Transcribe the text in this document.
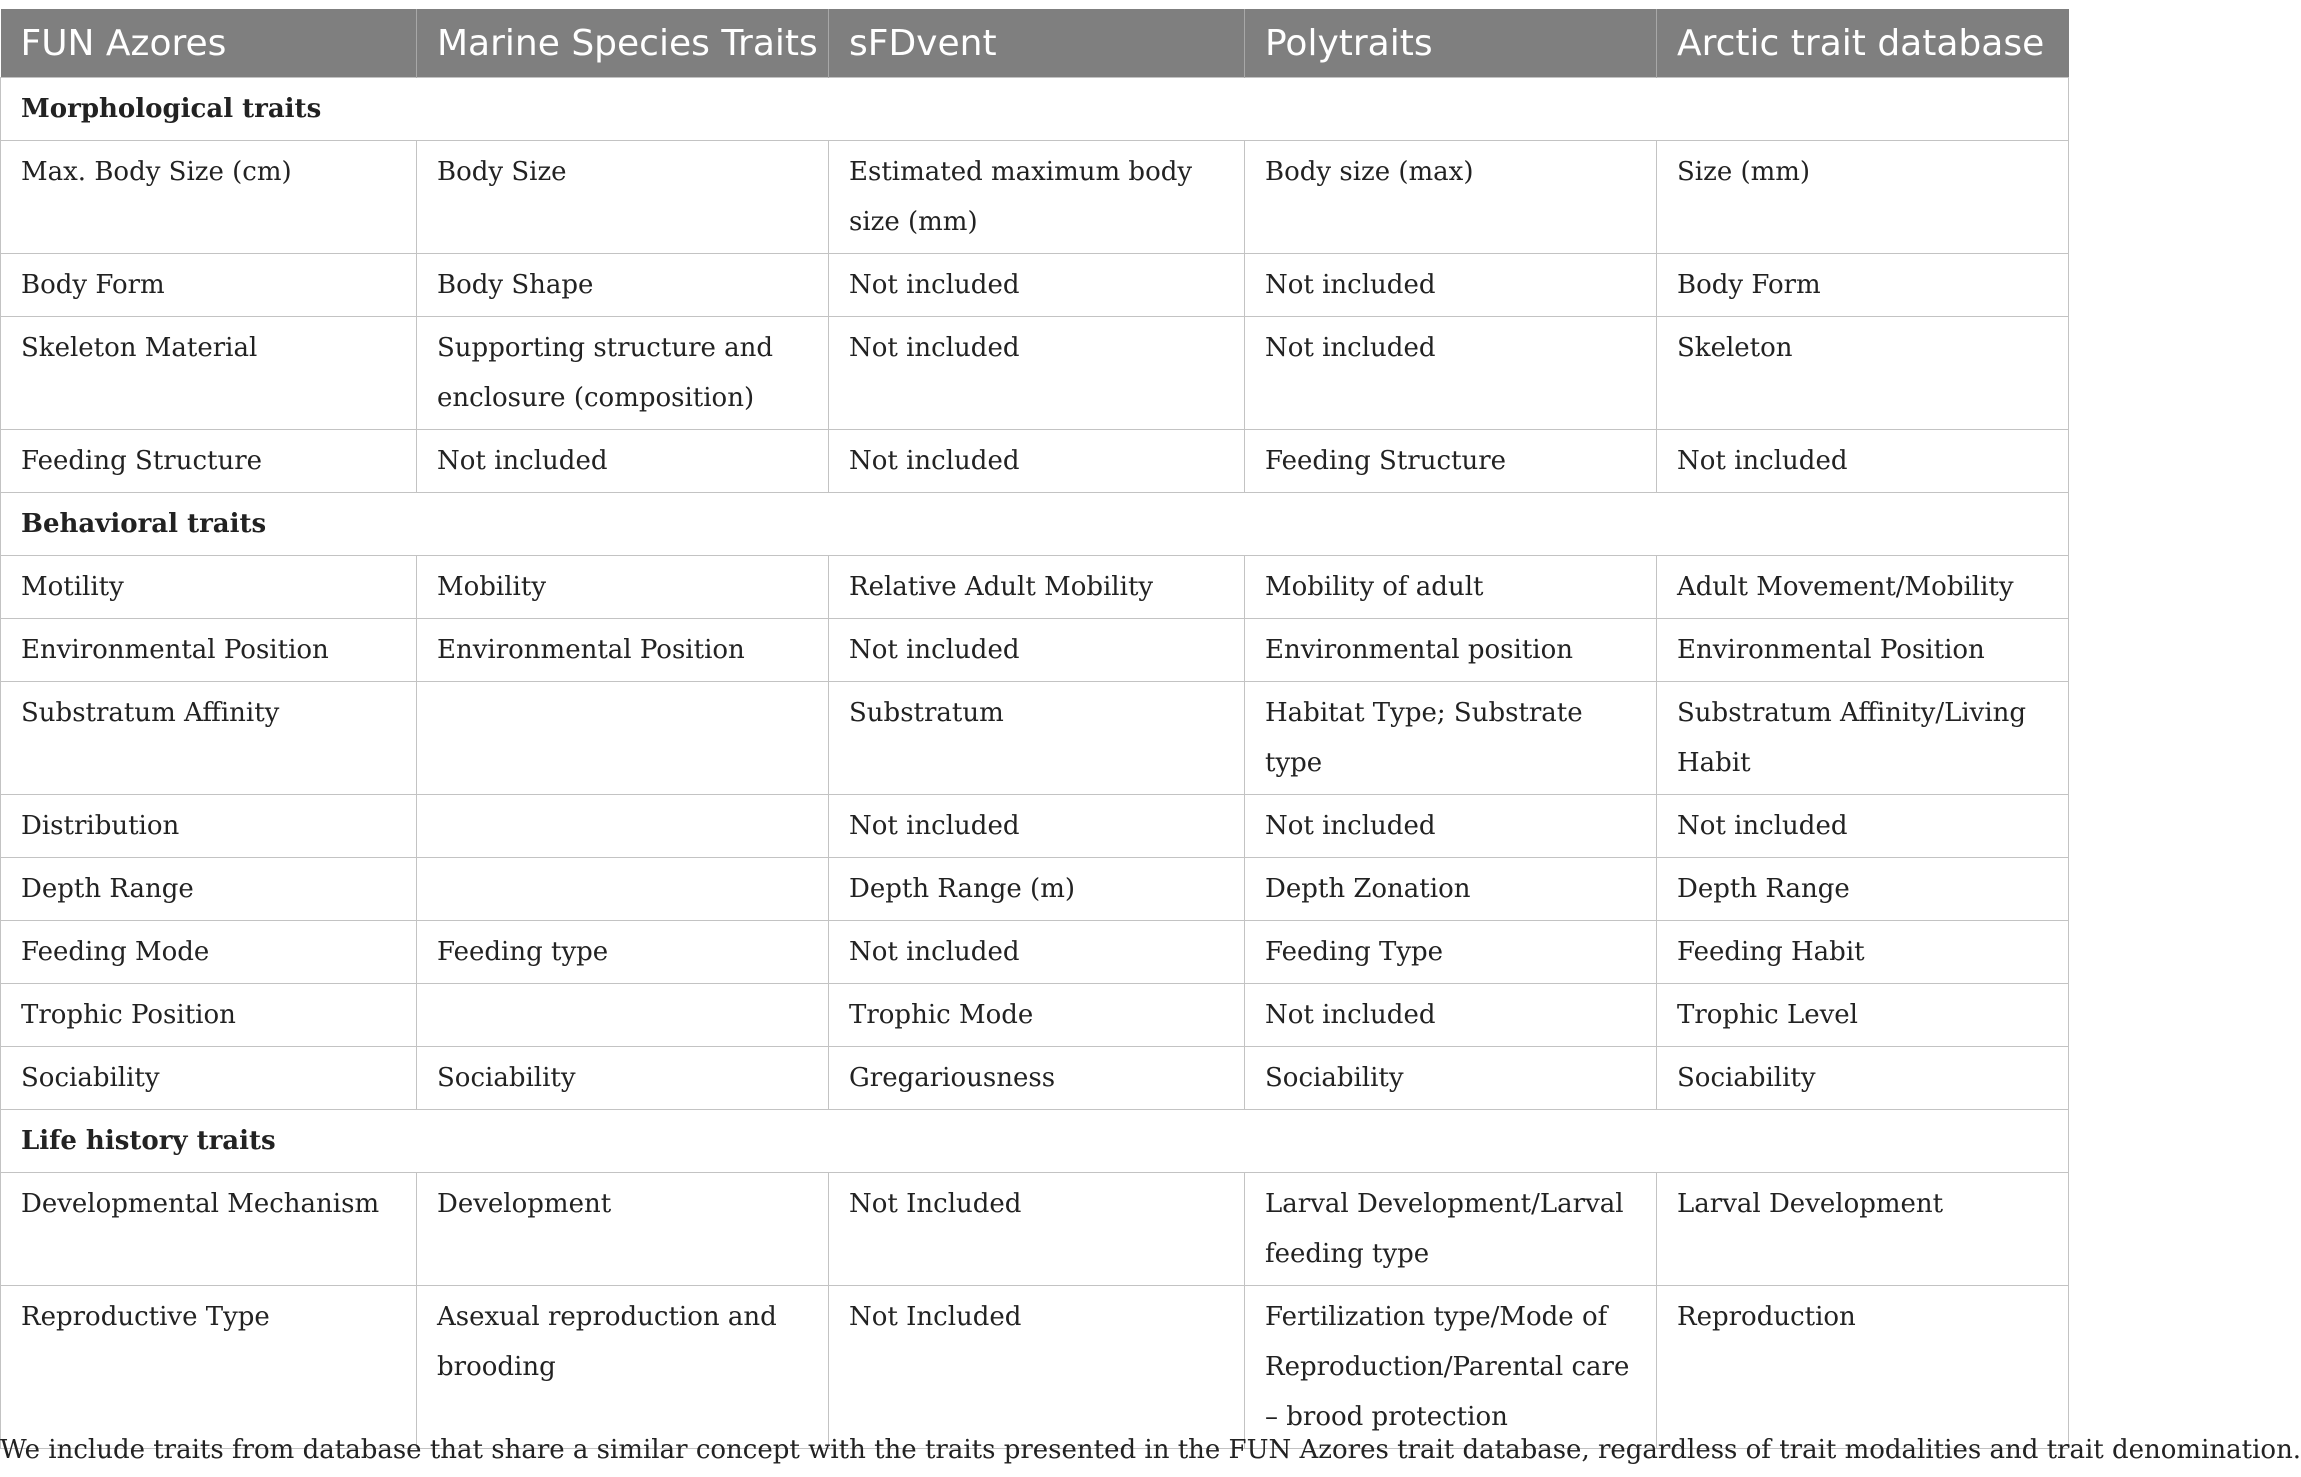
FUN Azores	Marine Species Traits	sFDvent	Polytraits	Arctic trait database
Morphological traits				
Max. Body Size (cm)	Body Size	Estimated maximum body size (mm)	Body size (max)	Size (mm)
Body Form	Body Shape	Not included	Not included	Body Form
Skeleton Material	Supporting structure and enclosure (composition)	Not included	Not included	Skeleton
Feeding Structure	Not included	Not included	Feeding Structure	Not included
Behavioral traits				
Motility	Mobility	Relative Adult Mobility	Mobility of adult	Adult Movement/Mobility
Environmental Position	Environmental Position	Not included	Environmental position	Environmental Position
Substratum Affinity		Substratum	Habitat Type; Substrate type	Substratum Affinity/Living Habit
Distribution		Not included	Not included	Not included
Depth Range		Depth Range (m)	Depth Zonation	Depth Range
Feeding Mode	Feeding type	Not included	Feeding Type	Feeding Habit
Trophic Position		Trophic Mode	Not included	Trophic Level
Sociability	Sociability	Gregariousness	Sociability	Sociability
Life history traits				
Developmental Mechanism	Development	Not Included	Larval Development/Larval feeding type	Larval Development
Reproductive Type	Asexual reproduction and brooding	Not Included	Fertilization type/Mode of Reproduction/Parental care – brood protection	Reproduction
We include traits from database that share a similar concept with the traits presented in the FUN Azores trait database, regardless of trait modalities and trait denomination.
